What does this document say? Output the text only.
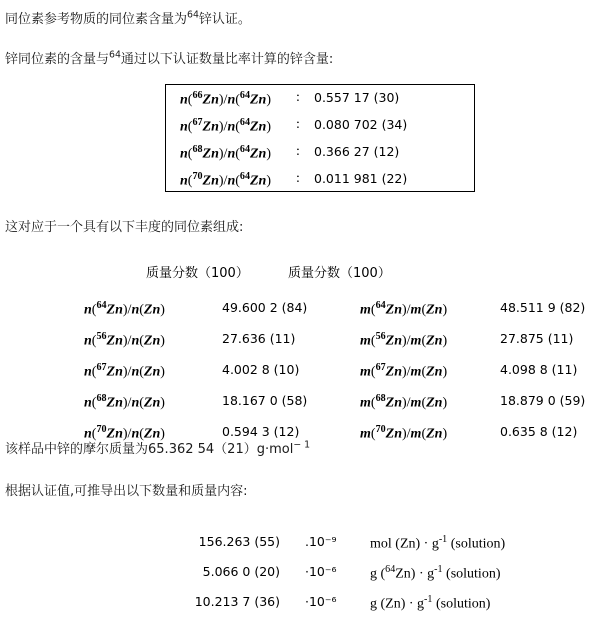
同位素参考物质的同位素含量为$^{64}$锌认证。
锌同位素的含量与$^{64}$通过以下认证数量比率计算的锌含量:
n($^{66}$Zn)/n($^{64}$Zn) : 0.557 17 (30)
n($^{67}$Zn)/n($^{64}$Zn) : 0.080 702 (34)
n($^{68}$Zn)/n($^{64}$Zn) : 0.366 27 (12)
n($^{70}$Zn)/n($^{64}$Zn) : 0.011 981 (22)
这对应于一个具有以下丰度的同位素组成:
质量分数（100）	质量分数（100）
n($^{64}$Zn)/n(Zn)	49.600 2 (84)	m($^{64}$Zn)/m(Zn)	48.511 9 (82)
n($^{56}$Zn)/n(Zn)	27.636 (11)	m($^{56}$Zn)/m(Zn)	27.875 (11)
n($^{67}$Zn)/n(Zn)	4.002 8 (10)	m($^{67}$Zn)/m(Zn)	4.098 8 (11)
n($^{68}$Zn)/n(Zn)	18.167 0 (58)	m($^{68}$Zn)/m(Zn)	18.879 0 (59)
n($^{70}$Zn)/n(Zn)	0.594 3 (12)	m($^{70}$Zn)/m(Zn)	0.635 8 (12)
该样品中锌的摩尔质量为65.362 54（21）g·mol$^{- 1}$
根据认证值,可推导出以下数量和质量内容:
156.263 (55) .10⁻⁹ mol $(Zn) \cdot g^{-1}$ (solution)
5.066 0 (20) ·10⁻⁶ g $(^{64}Zn) \cdot g^{-1}$ (solution)
10.213 7 (36) ·10⁻⁶ g $(Zn) \cdot g^{-1}$ (solution)
